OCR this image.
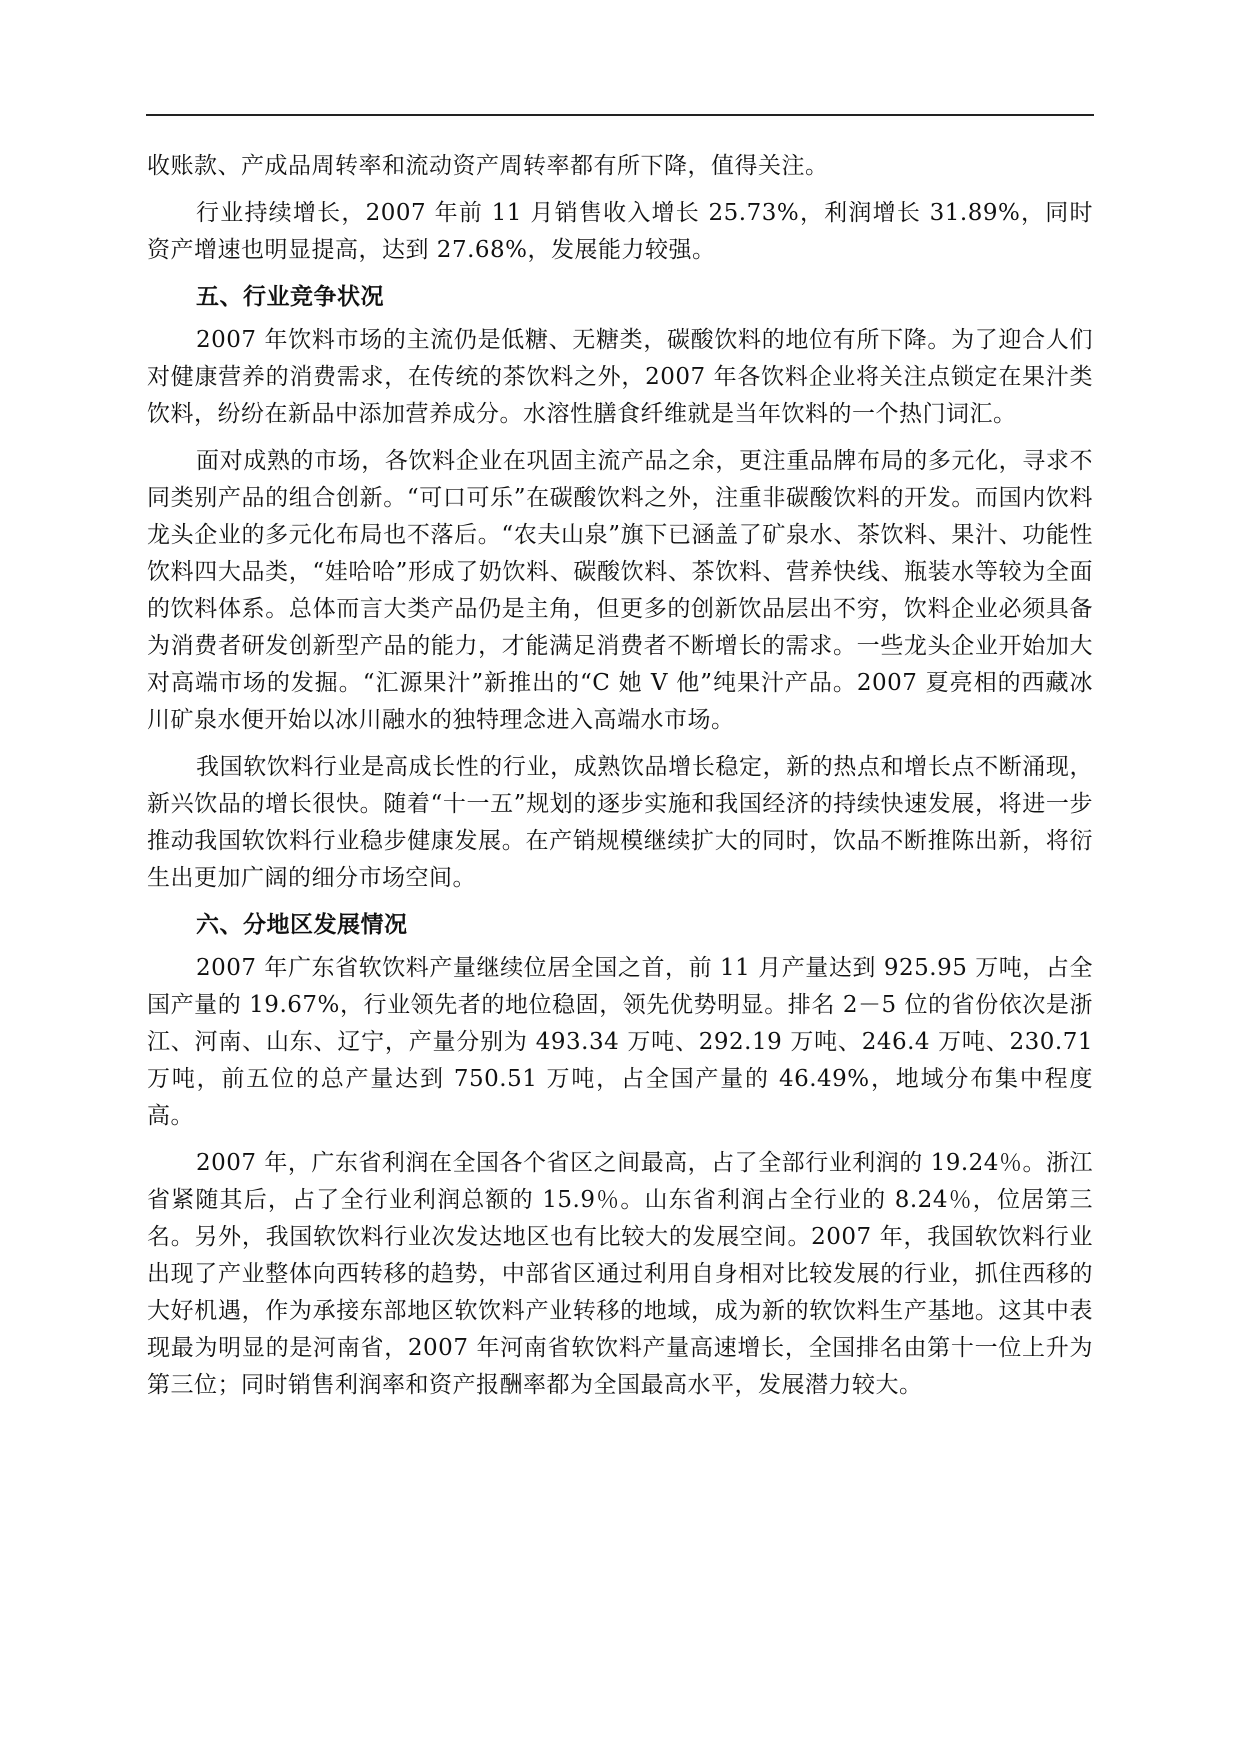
收账款、产成品周转率和流动资产周转率都有所下降，值得关注。

行业持续增长，2007 年前 11 月销售收入增长 25.73%，利润增长 31.89%，同时资产增速也明显提高，达到 27.68%，发展能力较强。

五、行业竞争状况

2007 年饮料市场的主流仍是低糖、无糖类，碳酸饮料的地位有所下降。为了迎合人们对健康营养的消费需求，在传统的茶饮料之外，2007 年各饮料企业将关注点锁定在果汁类饮料，纷纷在新品中添加营养成分。水溶性膳食纤维就是当年饮料的一个热门词汇。

面对成熟的市场，各饮料企业在巩固主流产品之余，更注重品牌布局的多元化，寻求不同类别产品的组合创新。“可口可乐”在碳酸饮料之外，注重非碳酸饮料的开发。而国内饮料龙头企业的多元化布局也不落后。“农夫山泉”旗下已涵盖了矿泉水、茶饮料、果汁、功能性饮料四大品类，“娃哈哈”形成了奶饮料、碳酸饮料、茶饮料、营养快线、瓶装水等较为全面的饮料体系。总体而言大类产品仍是主角，但更多的创新饮品层出不穷，饮料企业必须具备为消费者研发创新型产品的能力，才能满足消费者不断增长的需求。一些龙头企业开始加大对高端市场的发掘。“汇源果汁”新推出的“C 她 V 他”纯果汁产品。2007 夏亮相的西藏冰川矿泉水便开始以冰川融水的独特理念进入高端水市场。

我国软饮料行业是高成长性的行业，成熟饮品增长稳定，新的热点和增长点不断涌现，新兴饮品的增长很快。随着“十一五”规划的逐步实施和我国经济的持续快速发展，将进一步推动我国软饮料行业稳步健康发展。在产销规模继续扩大的同时，饮品不断推陈出新，将衍生出更加广阔的细分市场空间。

六、分地区发展情况

2007 年广东省软饮料产量继续位居全国之首，前 11 月产量达到 925.95 万吨，占全国产量的 19.67%，行业领先者的地位稳固，领先优势明显。排名 2－5 位的省份依次是浙江、河南、山东、辽宁，产量分别为 493.34 万吨、292.19 万吨、246.4 万吨、230.71 万吨，前五位的总产量达到 750.51 万吨，占全国产量的 46.49%，地域分布集中程度高。

2007 年，广东省利润在全国各个省区之间最高，占了全部行业利润的 19.24％。浙江省紧随其后，占了全行业利润总额的 15.9％。山东省利润占全行业的 8.24％，位居第三名。另外，我国软饮料行业次发达地区也有比较大的发展空间。2007 年，我国软饮料行业出现了产业整体向西转移的趋势，中部省区通过利用自身相对比较发展的行业，抓住西移的大好机遇，作为承接东部地区软饮料产业转移的地域，成为新的软饮料生产基地。这其中表现最为明显的是河南省，2007 年河南省软饮料产量高速增长，全国排名由第十一位上升为第三位；同时销售利润率和资产报酬率都为全国最高水平，发展潜力较大。
